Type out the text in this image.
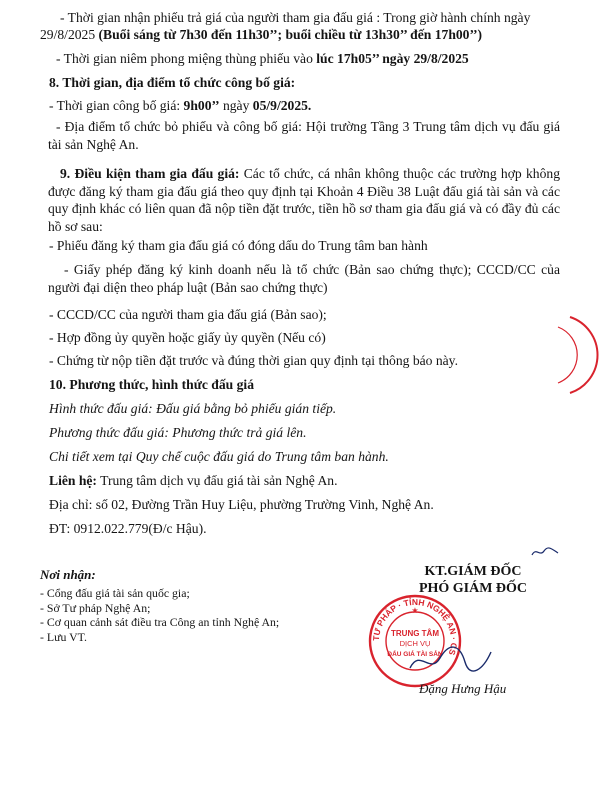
- Thời gian nhận phiếu trả giá của người tham gia đấu giá : Trong giờ hành chính ngày
29/8/2025 (Buổi sáng từ 7h30 đến 11h30’’; buổi chiều từ 13h30’’ đến 17h00’’)
- Thời gian niêm phong miệng thùng phiếu vào lúc 17h05’’ ngày 29/8/2025
8. Thời gian, địa điểm tổ chức công bố giá:
- Thời gian công bố giá: 9h00’’ ngày 05/9/2025.
- Địa điểm tổ chức bỏ phiếu và công bố giá: Hội trường Tầng 3 Trung tâm dịch vụ đấu giá tài sản Nghệ An.
9. Điều kiện tham gia đấu giá: Các tổ chức, cá nhân không thuộc các trường hợp không được đăng ký tham gia đấu giá theo quy định tại Khoản 4 Điều 38 Luật đấu giá tài sản và các quy định khác có liên quan đã nộp tiền đặt trước, tiền hồ sơ tham gia đấu giá và có đầy đủ các hồ sơ sau:
- Phiếu đăng ký tham gia đấu giá có đóng dấu do Trung tâm ban hành
- Giấy phép đăng ký kinh doanh nếu là tổ chức (Bản sao chứng thực); CCCD/CC của người đại diện theo pháp luật (Bản sao chứng thực)
- CCCD/CC của người tham gia đấu giá (Bản sao);
- Hợp đồng ủy quyền hoặc giấy ủy quyền (Nếu có)
- Chứng từ nộp tiền đặt trước và đúng thời gian quy định tại thông báo này.
10. Phương thức, hình thức đấu giá
Hình thức đấu giá: Đấu giá bằng bỏ phiếu gián tiếp.
Phương thức đấu giá: Phương thức trả giá lên.
Chi tiết xem tại Quy chế cuộc đấu giá do Trung tâm ban hành.
Liên hệ: Trung tâm dịch vụ đấu giá tài sản Nghệ An.
Địa chỉ: số 02, Đường Trần Huy Liệu, phường Trường Vinh, Nghệ An.
ĐT: 0912.022.779(Đ/c Hậu).
Nơi nhận:
- Cổng đấu giá tài sản quốc gia;
- Sở Tư pháp Nghệ An;
- Cơ quan cảnh sát điều tra Công an tỉnh Nghệ An;
- Lưu VT.
KT.GIÁM ĐỐC
PHÓ GIÁM ĐỐC
TƯ PHÁP · TỈNH NGHỆ AN · CS
TRUNG TÂM
DỊCH VỤ
ĐẤU GIÁ TÀI SẢN
★
Đặng Hưng Hậu
